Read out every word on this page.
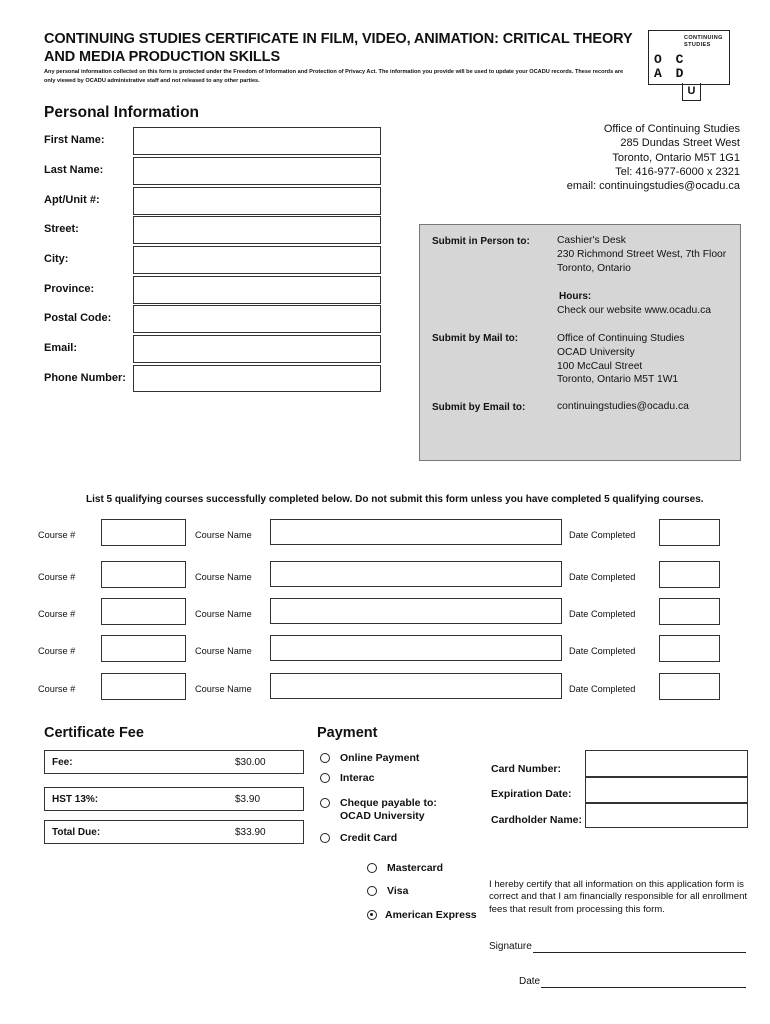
CONTINUING STUDIES CERTIFICATE IN FILM, VIDEO, ANIMATION: CRITICAL THEORY AND MEDIA PRODUCTION SKILLS
Any personal information collected on this form is protected under the Freedom of Information and Protection of Privacy Act. The information you provide will be used to update your OCADU records. These records are only viewed by OCADU administrative staff and not released to any other parties.
CONTINUING
STUDIES
O C
A D
U
Personal Information
First Name:
Last Name:
Apt/Unit #:
Street:
City:
Province:
Postal Code:
Email:
Phone Number:
Office of Continuing Studies
285 Dundas Street West
Toronto, Ontario M5T 1G1
Tel: 416-977-6000 x 2321
email: continuingstudies@ocadu.ca
Submit in Person to:	Cashier's Desk
230 Richmond Street West, 7th Floor
Toronto, Ontario
Hours:
Check our website www.ocadu.ca
Submit by Mail to:	Office of Continuing Studies
OCAD University
100 McCaul Street
Toronto, Ontario M5T 1W1
Submit by Email to:	continuingstudies@ocadu.ca
List 5 qualifying courses successfully completed below. Do not submit this form unless you have completed 5 qualifying courses.
Course #	Course Name	Date Completed
Course #	Course Name	Date Completed
Course #	Course Name	Date Completed
Course #	Course Name	Date Completed
Course #	Course Name	Date Completed
Certificate Fee
Fee:	$30.00
HST 13%:	$3.90
Total Due:	$33.90
Payment
Online Payment
Interac
Cheque payable to:
OCAD University
Credit Card
Mastercard
Visa
American Express
Card Number:
Expiration Date:
Cardholder Name:
I hereby certify that all information on this application form is correct and that I am financially responsible for all enrollment fees that result from processing this form.
Signature
Date
